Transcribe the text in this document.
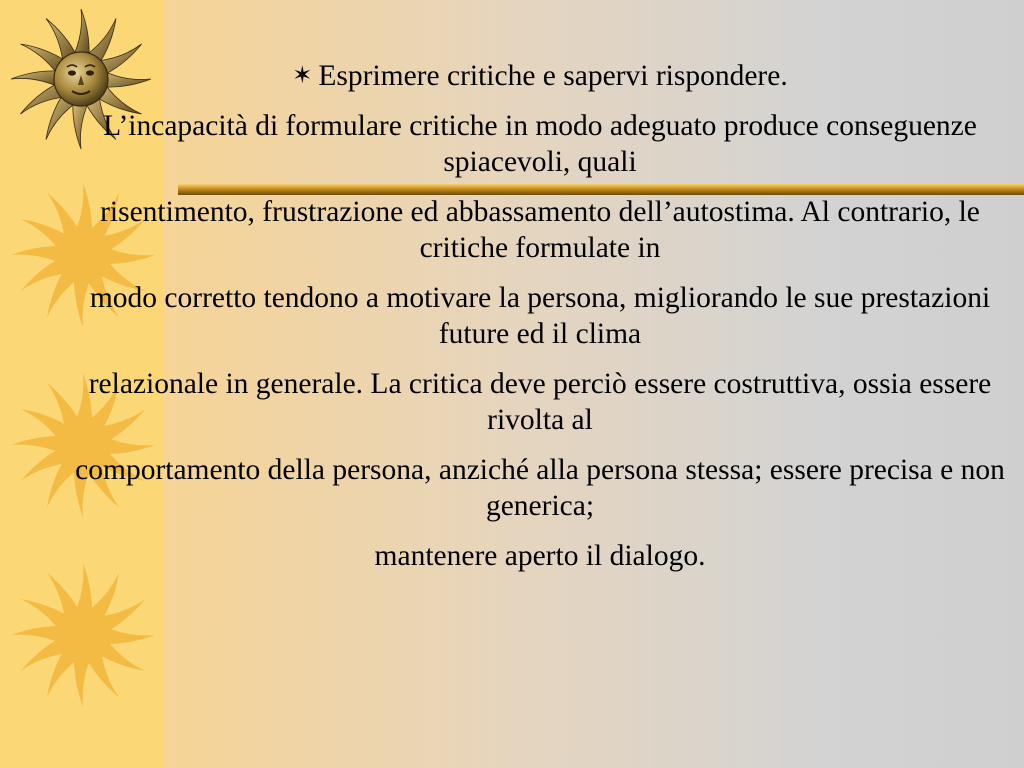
✶ Esprimere critiche e sapervi rispondere.

L’incapacità di formulare critiche in modo adeguato produce conseguenze spiacevoli, quali

risentimento, frustrazione ed abbassamento dell’autostima. Al contrario, le critiche formulate in

modo corretto tendono a motivare la persona, migliorando le sue prestazioni future ed il clima

relazionale in generale. La critica deve perciò essere costruttiva, ossia essere rivolta al

comportamento della persona, anziché alla persona stessa; essere precisa e non generica;

mantenere aperto il dialogo.
